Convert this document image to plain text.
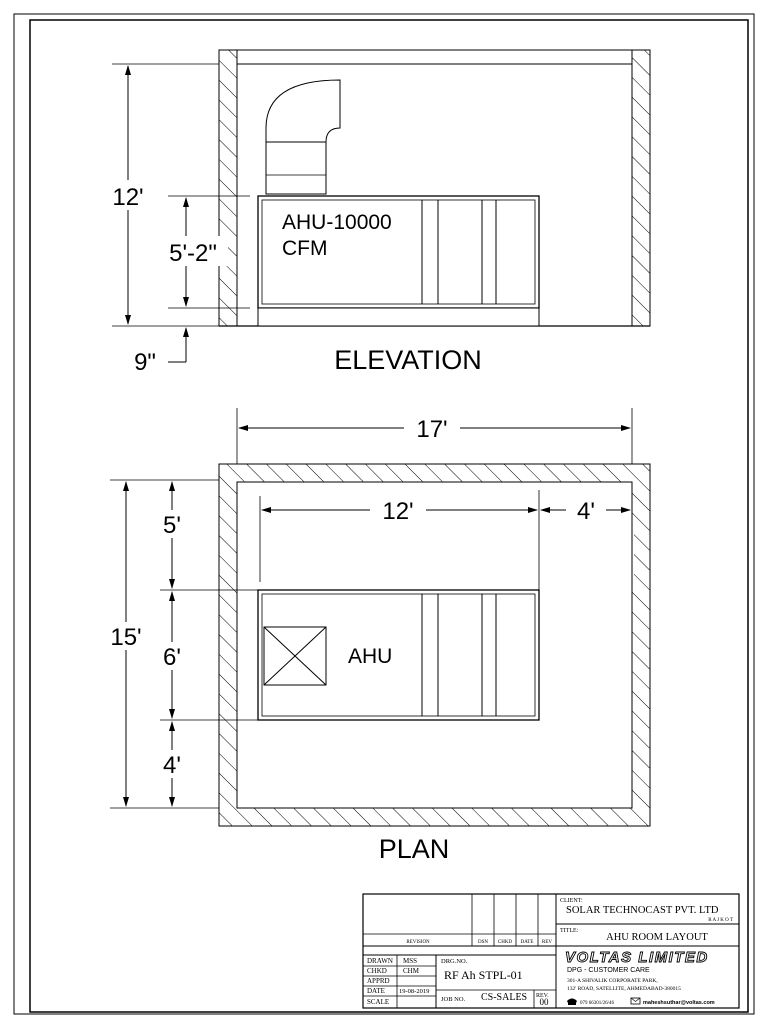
AHU-10000
CFM
12'
5'-2"
9"	ELEVATION
AHU
17'
12'	4'
15'
5'
6'
4'
PLAN
REVISION	DSN CHKD DATE REV
DRAWN MSS
CHKD CHM
APPRD
DATE 19-08-2019
SCALE
DRG.NO.
RF Ah STPL-01
JOB NO. CS-SALES REV.
00
CLIENT:
SOLAR TECHNOCAST PVT. LTD
R A J K O T
TITLE:
AHU ROOM LAYOUT
VOLTAS LIMITED
DPG - CUSTOMER CARE
301-A SHIVALIK CORPORATE PARK,
132' ROAD, SATELLITE, AHMEDABAD-380015
079 66301/26/46	maheshsuthar@voltas.com
